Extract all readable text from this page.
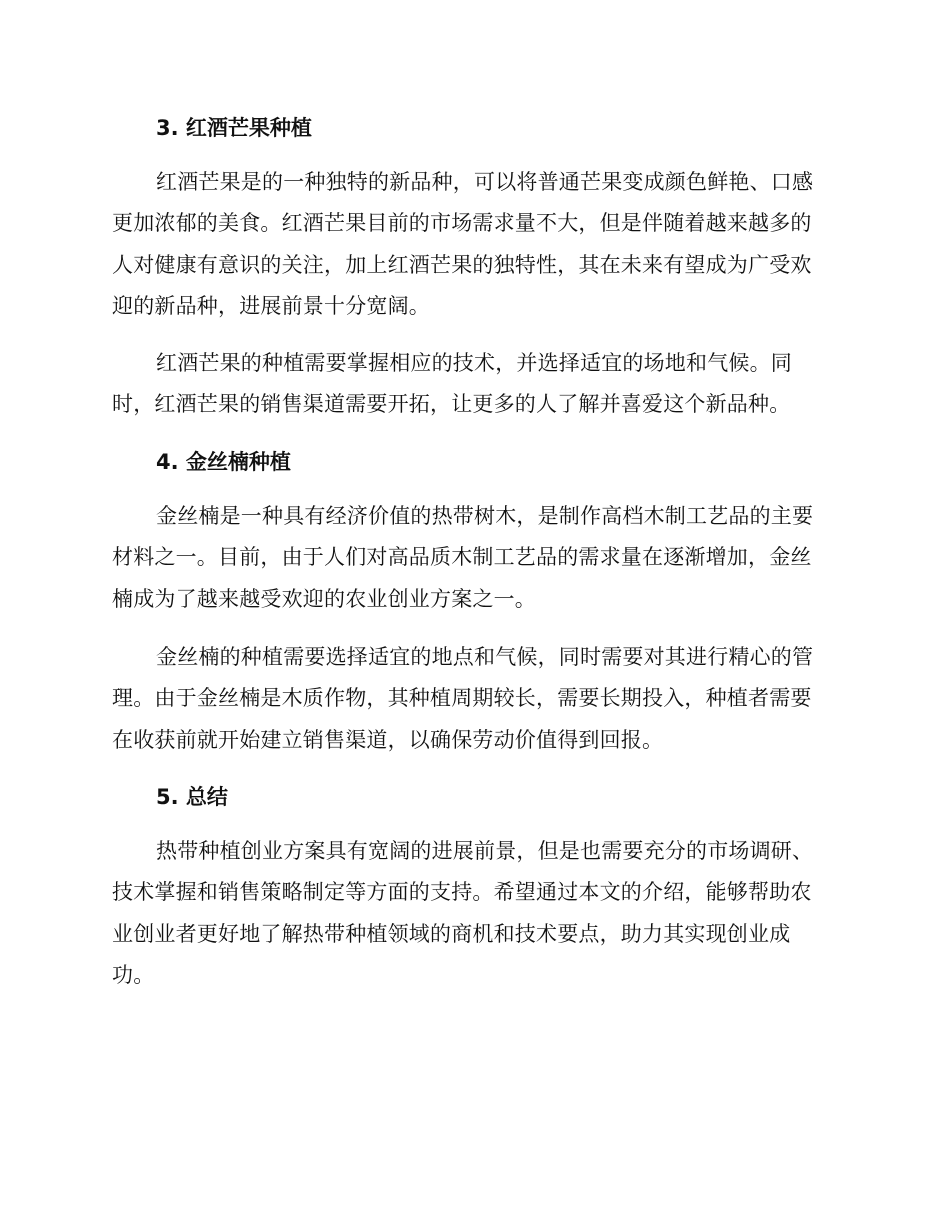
3. 红酒芒果种植

红酒芒果是的一种独特的新品种，可以将普通芒果变成颜色鲜艳、口感
更加浓郁的美食。红酒芒果目前的市场需求量不大，但是伴随着越来越多的
人对健康有意识的关注，加上红酒芒果的独特性，其在未来有望成为广受欢
迎的新品种，进展前景十分宽阔。

红酒芒果的种植需要掌握相应的技术，并选择适宜的场地和气候。同
时，红酒芒果的销售渠道需要开拓，让更多的人了解并喜爱这个新品种。

4. 金丝楠种植

金丝楠是一种具有经济价值的热带树木，是制作高档木制工艺品的主要
材料之一。目前，由于人们对高品质木制工艺品的需求量在逐渐增加，金丝
楠成为了越来越受欢迎的农业创业方案之一。

金丝楠的种植需要选择适宜的地点和气候，同时需要对其进行精心的管
理。由于金丝楠是木质作物，其种植周期较长，需要长期投入，种植者需要
在收获前就开始建立销售渠道，以确保劳动价值得到回报。

5. 总结

热带种植创业方案具有宽阔的进展前景，但是也需要充分的市场调研、
技术掌握和销售策略制定等方面的支持。希望通过本文的介绍，能够帮助农
业创业者更好地了解热带种植领域的商机和技术要点，助力其实现创业成
功。
